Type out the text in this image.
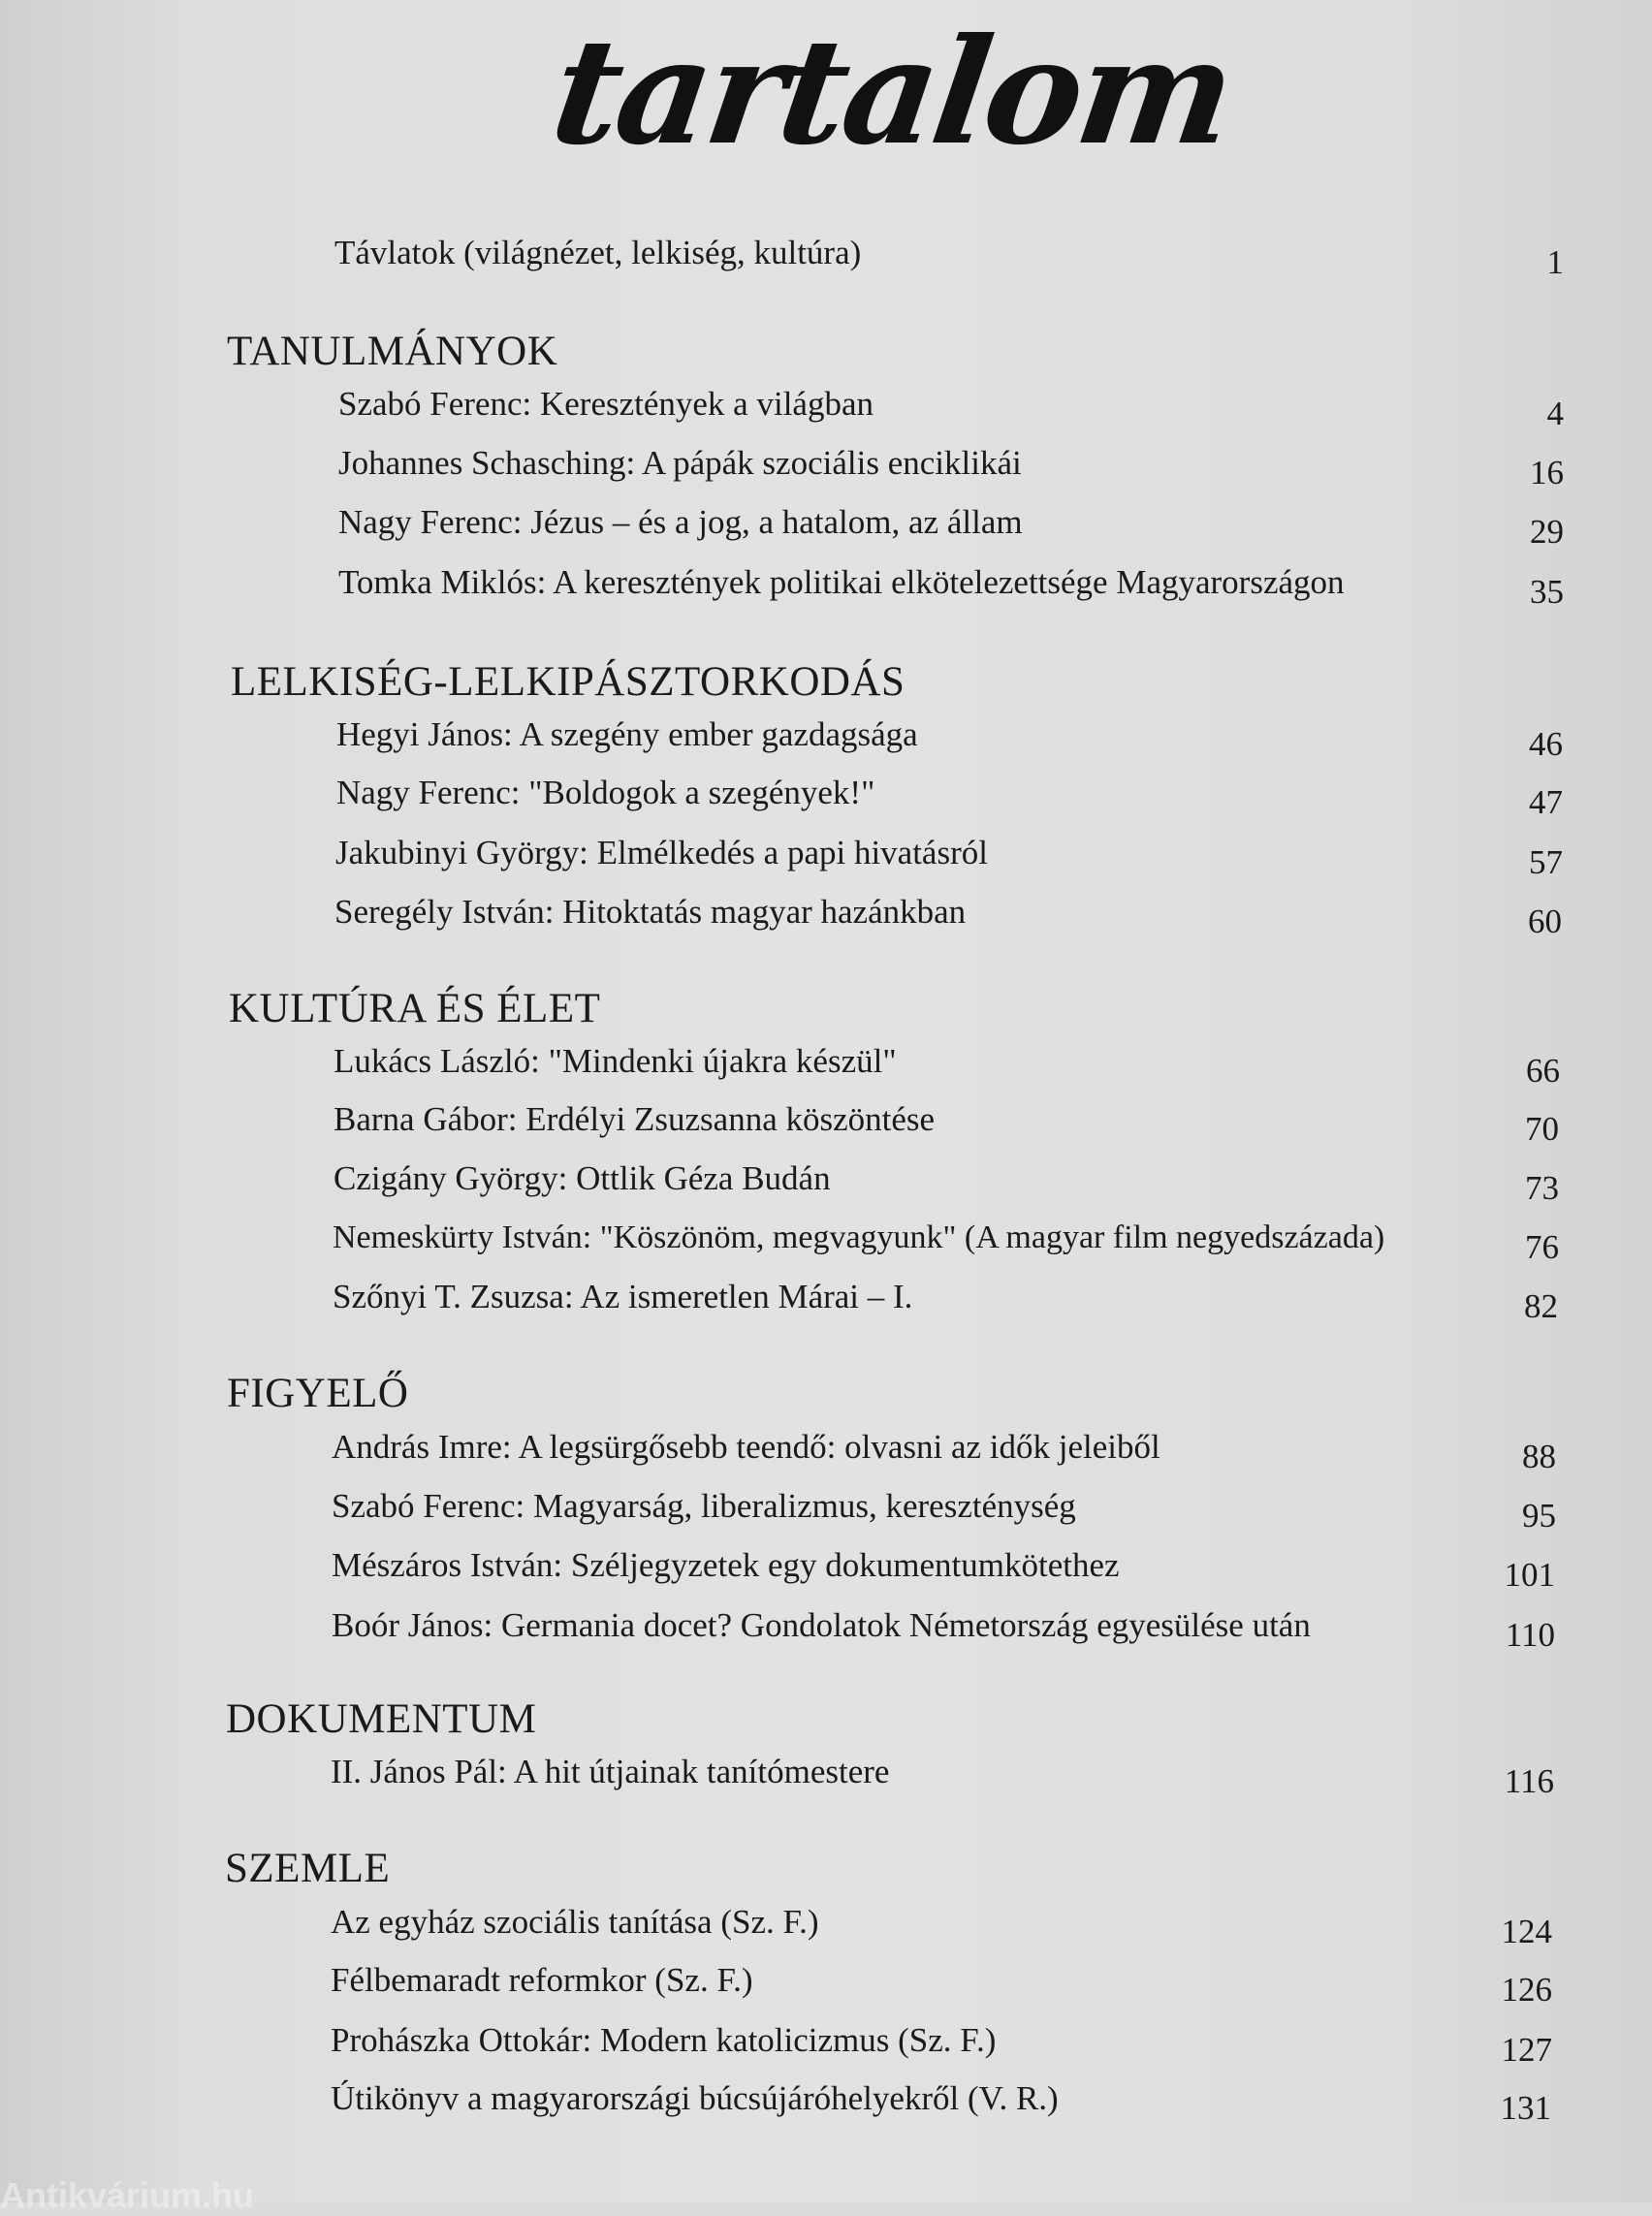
tartalom
Távlatok (világnézet, lelkiség, kultúra)	1
TANULMÁNYOK
Szabó Ferenc: Keresztények a világban	4
Johannes Schasching: A pápák szociális enciklikái	16
Nagy Ferenc: Jézus – és a jog, a hatalom, az állam	29
Tomka Miklós: A keresztények politikai elkötelezettsége Magyarországon	35
LELKISÉG-LELKIPÁSZTORKODÁS
Hegyi János: A szegény ember gazdagsága	46
Nagy Ferenc: "Boldogok a szegények!"	47
Jakubinyi György: Elmélkedés a papi hivatásról	57
Seregély István: Hitoktatás magyar hazánkban	60
KULTÚRA ÉS ÉLET
Lukács László: "Mindenki újakra készül"	66
Barna Gábor: Erdélyi Zsuzsanna köszöntése	70
Czigány György: Ottlik Géza Budán	73
Nemeskürty István: "Köszönöm, megvagyunk" (A magyar film negyedszázada)	76
Szőnyi T. Zsuzsa: Az ismeretlen Márai – I.	82
FIGYELŐ
András Imre: A legsürgősebb teendő: olvasni az idők jeleiből	88
Szabó Ferenc: Magyarság, liberalizmus, kereszténység	95
Mészáros István: Széljegyzetek egy dokumentumkötethez	101
Boór János: Germania docet? Gondolatok Németország egyesülése után	110
DOKUMENTUM
II. János Pál: A hit útjainak tanítómestere	116
SZEMLE
Az egyház szociális tanítása (Sz. F.)	124
Félbemaradt reformkor (Sz. F.)	126
Prohászka Ottokár: Modern katolicizmus (Sz. F.)	127
Útikönyv a magyarországi búcsújáróhelyekről (V. R.)	131
Antikvárium.hu
